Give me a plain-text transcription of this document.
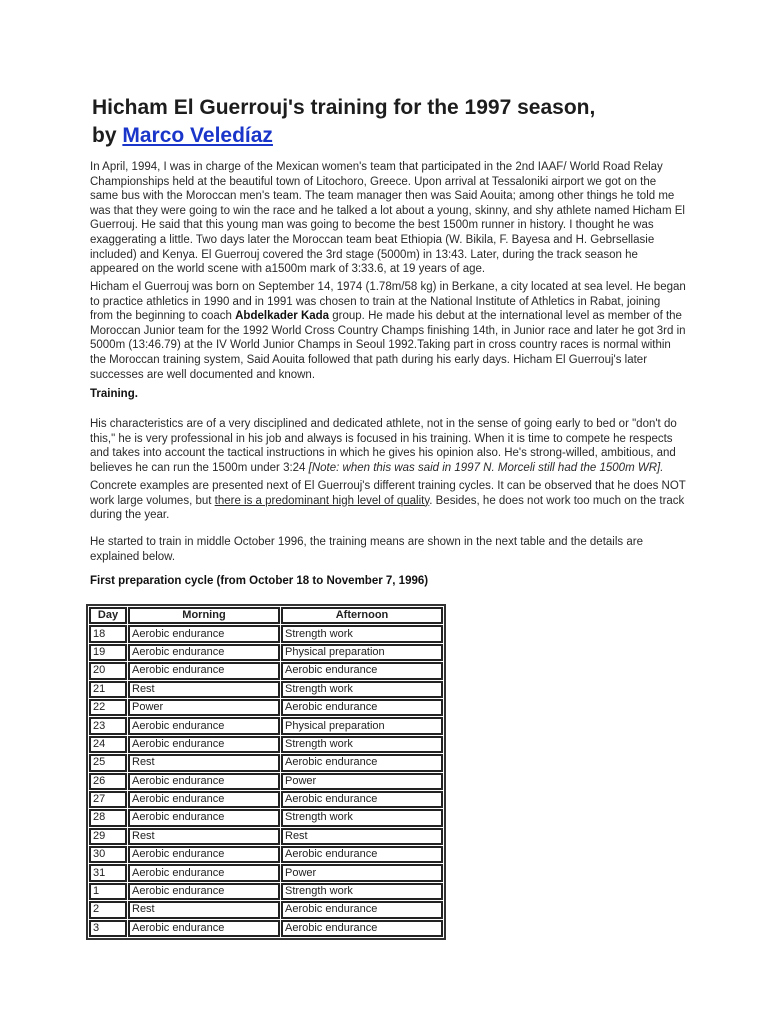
Hicham El Guerrouj's training for the 1997 season,
by Marco Veledíaz
In April, 1994, I was in charge of the Mexican women's team that participated in the 2nd IAAF/ World Road Relay Championships held at the beautiful town of Litochoro, Greece. Upon arrival at Tessaloniki airport we got on the same bus with the Moroccan men's team. The team manager then was Said Aouita; among other things he told me was that they were going to win the race and he talked a lot about a young, skinny, and shy athlete named Hicham El Guerrouj. He said that this young man was going to become the best 1500m runner in history. I thought he was exaggerating a little. Two days later the Moroccan team beat Ethiopia (W. Bikila, F. Bayesa and H. Gebrsellasie included) and Kenya. El Guerrouj covered the 3rd stage (5000m) in 13:43. Later, during the track season he appeared on the world scene with a1500m mark of 3:33.6, at 19 years of age.
Hicham el Guerrouj was born on September 14, 1974 (1.78m/58 kg) in Berkane, a city located at sea level. He began to practice athletics in 1990 and in 1991 was chosen to train at the National Institute of Athletics in Rabat, joining from the beginning to coach Abdelkader Kada group. He made his debut at the international level as member of the Moroccan Junior team for the 1992 World Cross Country Champs finishing 14th, in Junior race and later he got 3rd in 5000m (13:46.79) at the IV World Junior Champs in Seoul 1992.Taking part in cross country races is normal within the Moroccan training system, Said Aouita followed that path during his early days. Hicham El Guerrouj's later successes are well documented and known.
Training.
His characteristics are of a very disciplined and dedicated athlete, not in the sense of going early to bed or "don't do this," he is very professional in his job and always is focused in his training. When it is time to compete he respects and takes into account the tactical instructions in which he gives his opinion also. He's strong-willed, ambitious, and believes he can run the 1500m under 3:24 [Note: when this was said in 1997 N. Morceli still had the 1500m WR].
Concrete examples are presented next of El Guerrouj's different training cycles. It can be observed that he does NOT work large volumes, but there is a predominant high level of quality. Besides, he does not work too much on the track during the year.
He started to train in middle October 1996, the training means are shown in the next table and the details are explained below.
First preparation cycle (from October 18 to November 7, 1996)
Day	Morning	Afternoon
18	Aerobic endurance	Strength work
19	Aerobic endurance	Physical preparation
20	Aerobic endurance	Aerobic endurance
21	Rest	Strength work
22	Power	Aerobic endurance
23	Aerobic endurance	Physical preparation
24	Aerobic endurance	Strength work
25	Rest	Aerobic endurance
26	Aerobic endurance	Power
27	Aerobic endurance	Aerobic endurance
28	Aerobic endurance	Strength work
29	Rest	Rest
30	Aerobic endurance	Aerobic endurance
31	Aerobic endurance	Power
1	Aerobic endurance	Strength work
2	Rest	Aerobic endurance
3	Aerobic endurance	Aerobic endurance
